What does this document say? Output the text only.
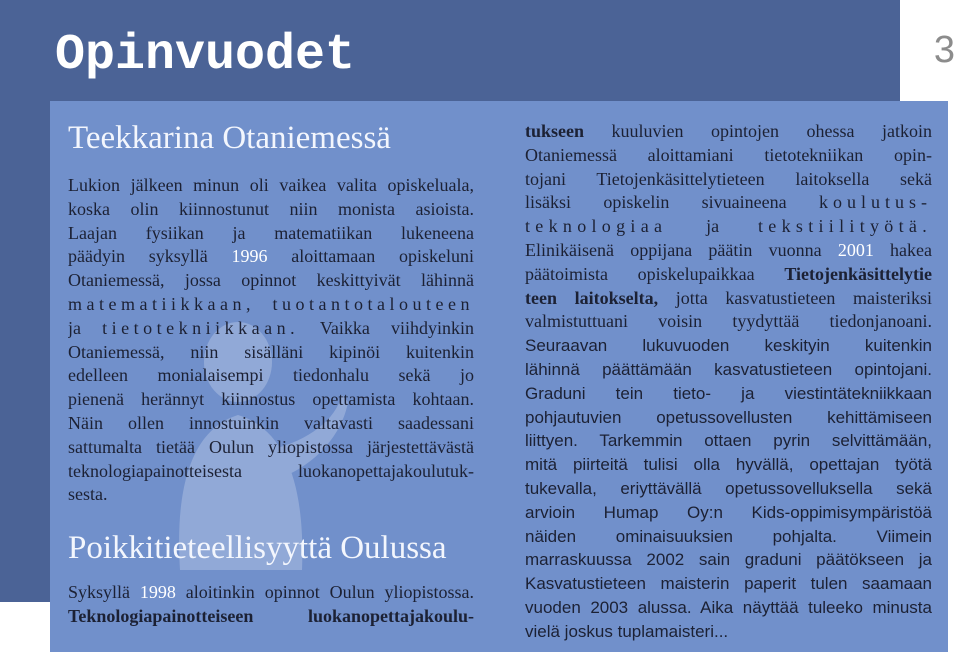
Opinvuodet	3
Teekkarina Otaniemessä
Lukion jälkeen minun oli vaikea valita opiskeluala,
koska olin kiinnostunut niin monista asioista.
Laajan fysiikan ja matematiikan lukeneena
päädyin syksyllä 1996 aloittamaan opiskeluni
Otaniemessä, jossa opinnot keskittyivät lähinnä
matematiikkaan, tuotantotalouteen
ja tietotekniikkaan. Vaikka viihdyinkin
Otaniemessä, niin sisälläni kipinöi kuitenkin
edelleen monialaisempi tiedonhalu sekä jo
pienenä herännyt kiinnostus opettamista kohtaan.
Näin ollen innostuinkin valtavasti saadessani
sattumalta tietää Oulun yliopistossa järjestettävästä
teknologiapainotteisesta luokanopettajakoulutuk-
sesta.
Poikkitieteellisyyttä Oulussa
Syksyllä 1998 aloitinkin opinnot Oulun yliopistossa.
Teknologiapainotteiseen luokanopettajakoulu-
tukseen kuuluvien opintojen ohessa jatkoin
Otaniemessä aloittamiani tietotekniikan opin-
tojani Tietojenkäsittelytieteen laitoksella sekä
lisäksi opiskelin sivuaineena koulutus-
teknologiaa ja tekstiilityötä.
Elinikäisenä oppijana päätin vuonna 2001 hakea
päätoimista opiskelupaikkaa Tietojenkäsittelytie
teen laitokselta, jotta kasvatustieteen maisteriksi
valmistuttuani voisin tyydyttää tiedonjanoani.
Seuraavan lukuvuoden keskityin kuitenkin
lähinnä päättämään kasvatustieteen opintojani.
Graduni tein tieto- ja viestintätekniikkaan
pohjautuvien opetussovellusten kehittämiseen
liittyen. Tarkemmin ottaen pyrin selvittämään,
mitä piirteitä tulisi olla hyvällä, opettajan työtä
tukevalla, eriyttävällä opetussovelluksella sekä
arvioin Humap Oy:n Kids-oppimisympäristöä
näiden ominaisuuksien pohjalta. Viimein
marraskuussa 2002 sain graduni päätökseen ja
Kasvatustieteen maisterin paperit tulen saamaan
vuoden 2003 alussa. Aika näyttää tuleeko minusta
vielä joskus tuplamaisteri...
